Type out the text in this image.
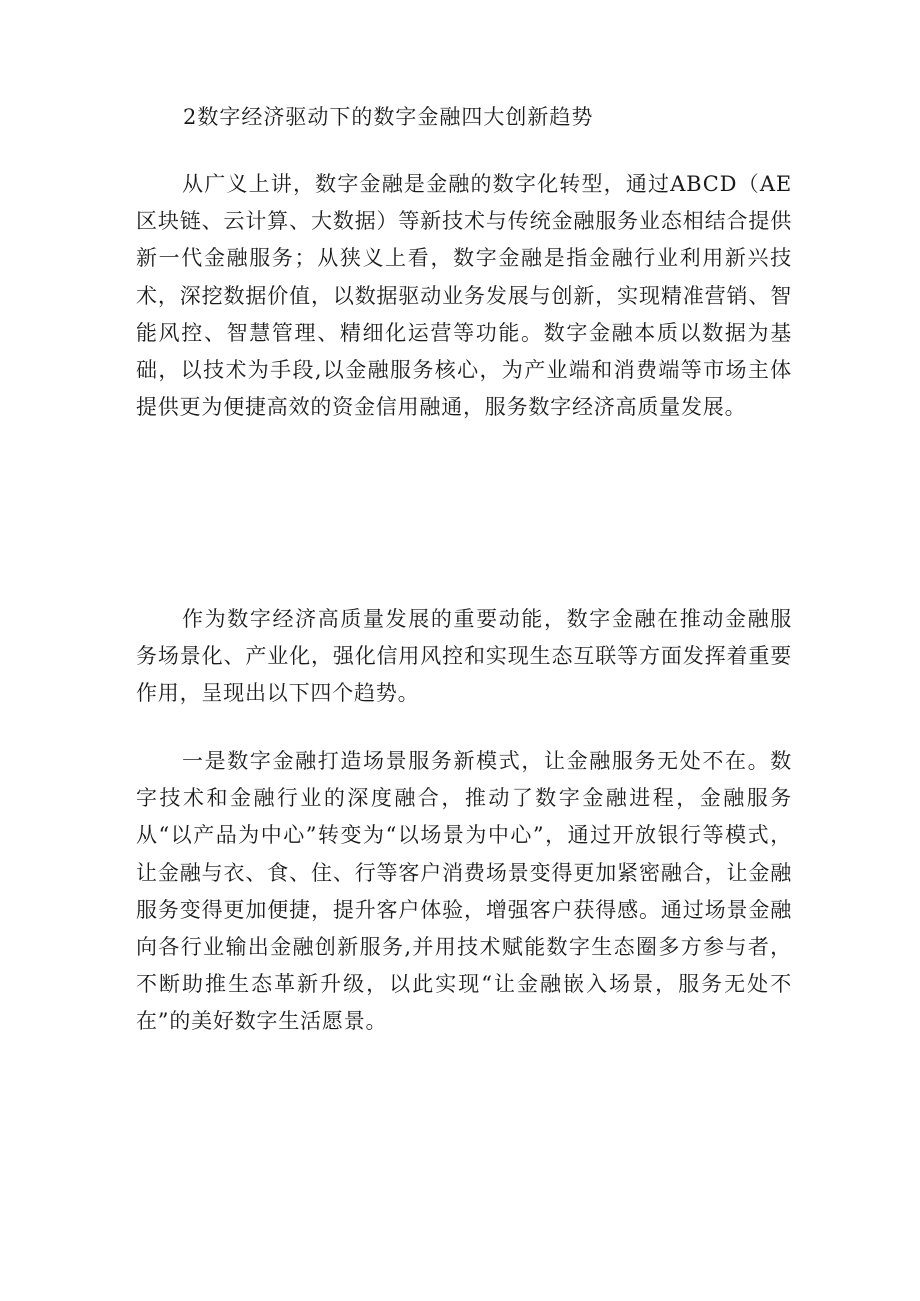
2数字经济驱动下的数字金融四大创新趋势

从广义上讲，数字金融是金融的数字化转型，通过ABCD（AE区块链、云计算、大数据）等新技术与传统金融服务业态相结合提供新一代金融服务；从狭义上看，数字金融是指金融行业利用新兴技术，深挖数据价值，以数据驱动业务发展与创新，实现精准营销、智能风控、智慧管理、精细化运营等功能。数字金融本质以数据为基础，以技术为手段,以金融服务核心，为产业端和消费端等市场主体提供更为便捷高效的资金信用融通，服务数字经济高质量发展。

作为数字经济高质量发展的重要动能，数字金融在推动金融服务场景化、产业化，强化信用风控和实现生态互联等方面发挥着重要作用，呈现出以下四个趋势。

一是数字金融打造场景服务新模式，让金融服务无处不在。数字技术和金融行业的深度融合，推动了数字金融进程，金融服务从“以产品为中心”转变为“以场景为中心”，通过开放银行等模式，让金融与衣、食、住、行等客户消费场景变得更加紧密融合，让金融服务变得更加便捷，提升客户体验，增强客户获得感。通过场景金融向各行业输出金融创新服务,并用技术赋能数字生态圈多方参与者，不断助推生态革新升级，以此实现“让金融嵌入场景，服务无处不在”的美好数字生活愿景。
